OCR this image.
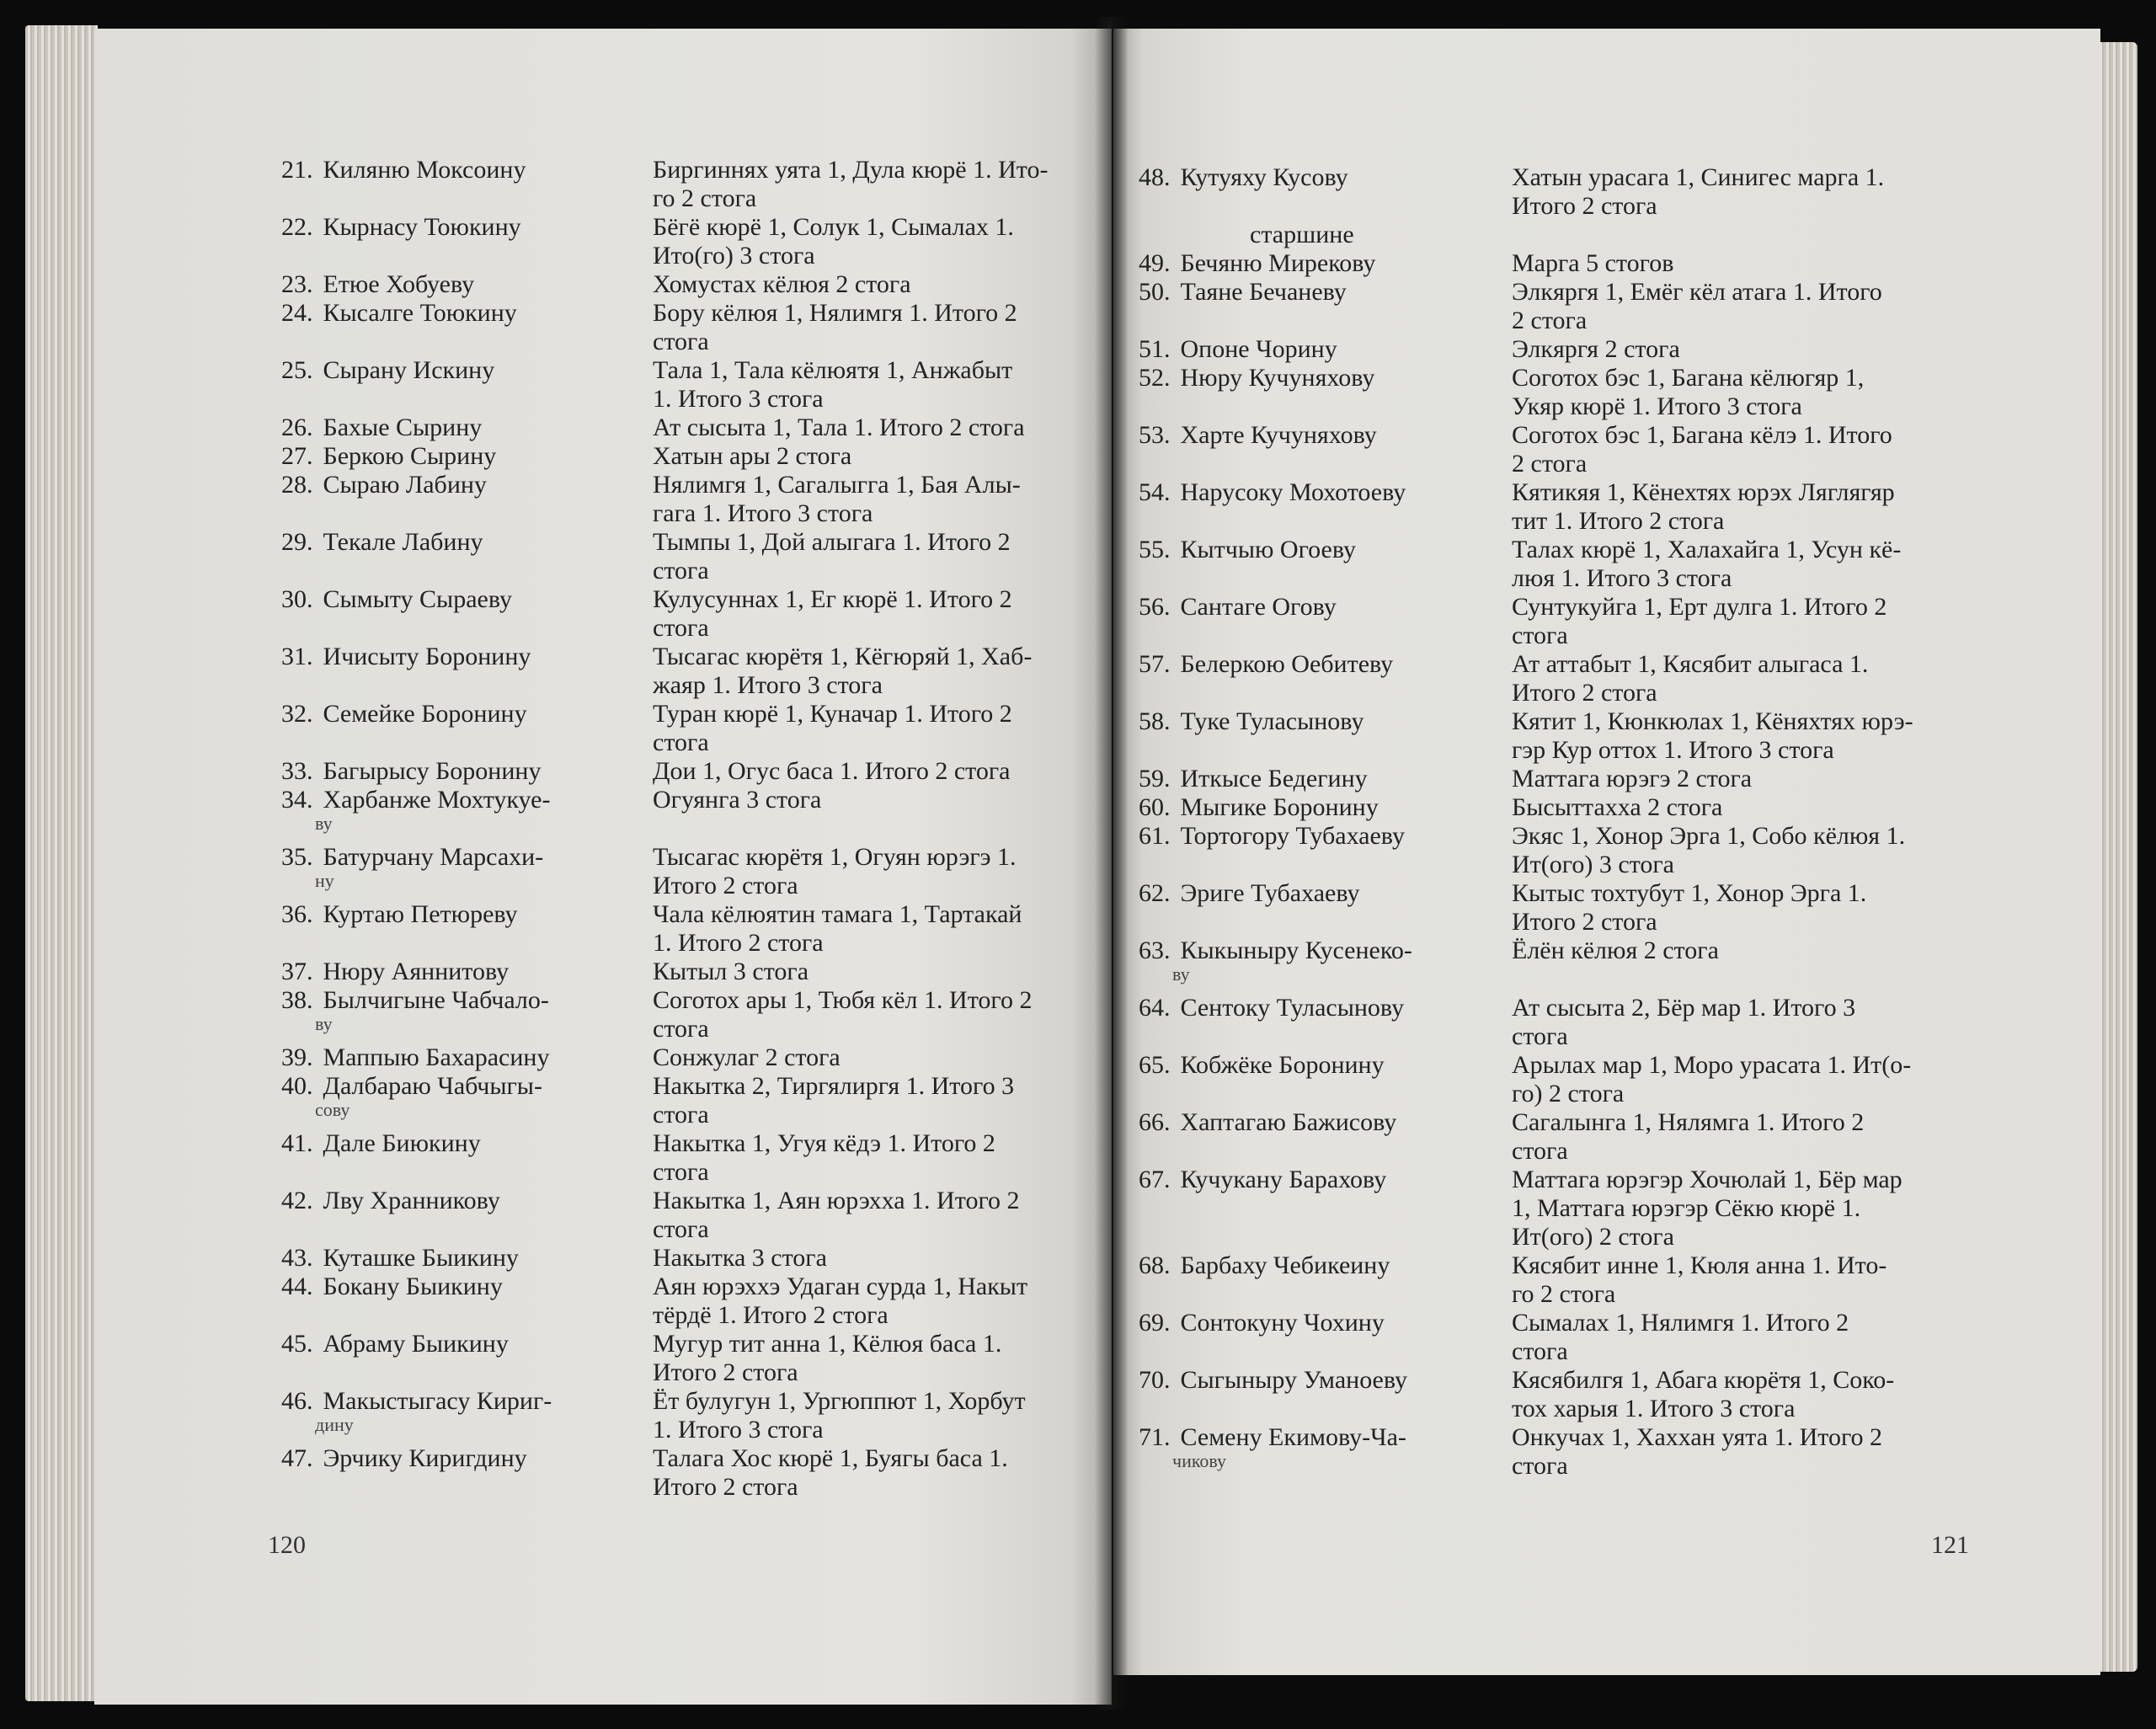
21. Киляню Моксоину
22. Кырнасу Тоюкину
23. Етюе Хобуеву
24. Кысалге Тоюкину
25. Сырану Искину
26. Бахые Сырину
27. Беркою Сырину
28. Сыраю Лабину
29. Текале Лабину
30. Сымыту Сыраеву
31. Ичисыту Боронину
32. Семейке Боронину
33. Багырысу Боронину
34. Харбанже Мохтукуе-
ву
35. Батурчану Марсахи-
ну
36. Куртаю Петюреву
37. Нюру Аяннитову
38. Былчигыне Чабчало-
ву
39. Маппыю Бахарасину
40. Далбараю Чабчыгы-
сову
41. Дале Биюкину
42. Лву Хранникову
43. Куташке Быикину
44. Бокану Быикину
45. Абраму Быикину
46. Макыстыгасу Кириг-
дину
47. Эрчику Киригдину
Биргиннях уята 1, Дула кюрё 1. Ито-
го 2 стога
Бёгё кюрё 1, Солук 1, Сымалах 1.
Ито(го) 3 стога
Хомустах кёлюя 2 стога
Бору кёлюя 1, Нялимгя 1. Итого 2
стога
Тала 1, Тала кёлюятя 1, Анжабыт
1. Итого 3 стога
Ат сысыта 1, Тала 1. Итого 2 стога
Хатын ары 2 стога
Нялимгя 1, Сагалыгга 1, Бая Алы-
гага 1. Итого 3 стога
Тымпы 1, Дой алыгага 1. Итого 2
стога
Кулусуннах 1, Ег кюрё 1. Итого 2
стога
Тысагас кюрётя 1, Кёгюряй 1, Хаб-
жаяр 1. Итого 3 стога
Туран кюрё 1, Куначар 1. Итого 2
стога
Дои 1, Огус баса 1. Итого 2 стога
Огуянга 3 стога
Тысагас кюрётя 1, Огуян юрэгэ 1.
Итого 2 стога
Чала кёлюятин тамага 1, Тартакай
1. Итого 2 стога
Кытыл 3 стога
Соготох ары 1, Тюбя кёл 1. Итого 2
стога
Сонжулаг 2 стога
Накытка 2, Тиргялиргя 1. Итого 3
стога
Накытка 1, Угуя кёдэ 1. Итого 2
стога
Накытка 1, Аян юрэхха 1. Итого 2
стога
Накытка 3 стога
Аян юрэххэ Удаган сурда 1, Накыт
тёрдё 1. Итого 2 стога
Мугур тит анна 1, Кёлюя баса 1.
Итого 2 стога
Ёт булугун 1, Ургюппют 1, Хорбут
1. Итого 3 стога
Талага Хос кюрё 1, Буягы баса 1.
Итого 2 стога
48. Кутуяху Кусову
старшине
49. Бечяню Мирекову
50. Таяне Бечаневу
51. Опоне Чорину
52. Нюру Кучуняхову
53. Харте Кучуняхову
54. Нарусоку Мохотоеву
55. Кытчыю Огоеву
56. Сантаге Огову
57. Белеркою Оебитеву
58. Туке Туласынову
59. Иткысе Бедегину
60. Мыгике Боронину
61. Тортогору Тубахаеву
62. Эриге Тубахаеву
63. Кыкыныру Кусенеко-
ву
64. Сентоку Туласынову
65. Кобжёке Боронину
66. Хаптагаю Бажисову
67. Кучукану Барахову
68. Барбаху Чебикеину
69. Сонтокуну Чохину
70. Сыгыныру Уманоеву
71. Семену Екимову-Ча-
чикову
Хатын урасага 1, Синигес марга 1.
Итого 2 стога
Марга 5 стогов
Элкяргя 1, Емёг кёл атага 1. Итого
2 стога
Элкяргя 2 стога
Соготох бэс 1, Багана кёлюгяр 1,
Укяр кюрё 1. Итого 3 стога
Соготох бэс 1, Багана кёлэ 1. Итого
2 стога
Кятикяя 1, Кёнехтях юрэх Ляглягяр
тит 1. Итого 2 стога
Талах кюрё 1, Халахайга 1, Усун кё-
люя 1. Итого 3 стога
Сунтукуйга 1, Ерт дулга 1. Итого 2
стога
Ат аттабыт 1, Кясябит алыгаса 1.
Итого 2 стога
Кятит 1, Кюнкюлах 1, Кёняхтях юрэ-
гэр Кур оттох 1. Итого 3 стога
Маттага юрэгэ 2 стога
Бысыттахха 2 стога
Экяс 1, Хонор Эрга 1, Собо кёлюя 1.
Ит(ого) 3 стога
Кытыс тохтубут 1, Хонор Эрга 1.
Итого 2 стога
Ёлён кёлюя 2 стога
Ат сысыта 2, Бёр мар 1. Итого 3
стога
Арылах мар 1, Моро урасата 1. Ит(о-
го) 2 стога
Сагалынга 1, Нялямга 1. Итого 2
стога
Маттага юрэгэр Хочюлай 1, Бёр мар
1, Маттага юрэгэр Сёкю кюрё 1.
Ит(ого) 2 стога
Кясябит инне 1, Кюля анна 1. Ито-
го 2 стога
Сымалах 1, Нялимгя 1. Итого 2
стога
Кясябилгя 1, Абага кюрётя 1, Соко-
тох харыя 1. Итого 3 стога
Онкучах 1, Хаххан уята 1. Итого 2
стога
120	121
